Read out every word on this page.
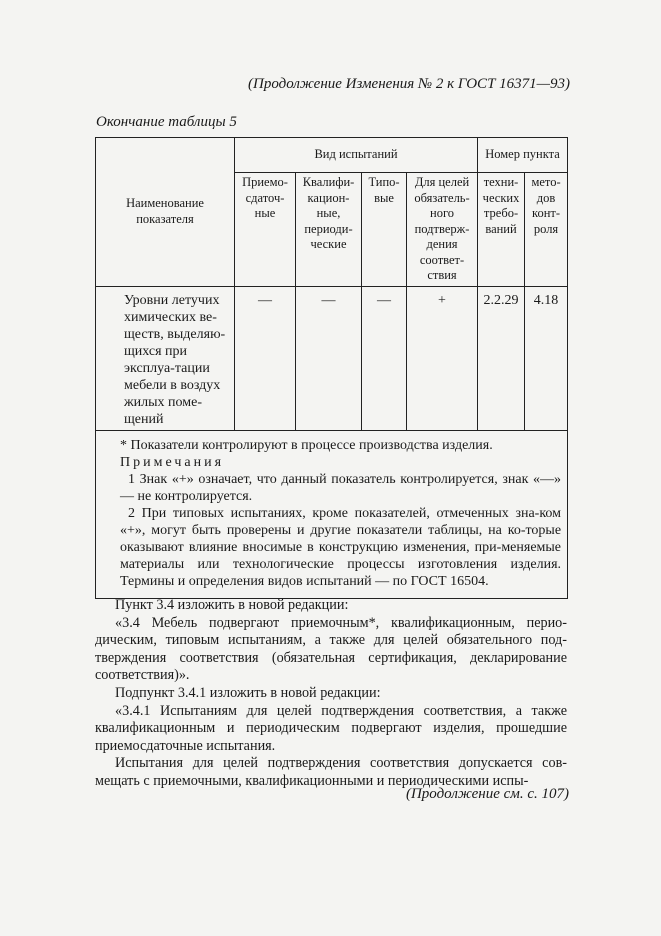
(Продолжение Изменения № 2 к ГОСТ 16371—93)
Окончание таблицы 5
Наименование показателя	Вид испытаний				Номер пункта	
	Приемо-сдаточ-ные	Квалифи-кацион-ные, периоди-ческие	Типо-вые	Для целей обязатель-ного подтверж-дения соответ-ствия	техни-ческих требо-ваний	мето-дов конт-роля
Уровни летучих химических ве-ществ, выделяю-щихся при эксплуа-тации мебели в воздух жилых поме-щений	—	—	—	+	2.2.29	4.18

* Показатели контролируют в процессе производства изделия.

Примечания

1 Знак «+» означает, что данный показатель контролируется, знак «—» — не контролируется.

2 При типовых испытаниях, кроме показателей, отмеченных зна-ком «+», могут быть проверены и другие показатели таблицы, на ко-торые оказывают влияние вносимые в конструкцию изменения, при-меняемые материалы или технологические процессы изготовления изделия. Термины и определения видов испытаний — по ГОСТ 16504.						

Пункт 3.4 изложить в новой редакции:

«3.4 Мебель подвергают приемочным*, квалификационным, перио-дическим, типовым испытаниям, а также для целей обязательного под-тверждения соответствия (обязательная сертификация, декларирование соответствия)».

Подпункт 3.4.1 изложить в новой редакции:

«3.4.1 Испытаниям для целей подтверждения соответствия, а также квалификационным и периодическим подвергают изделия, прошедшие приемосдаточные испытания.

Испытания для целей подтверждения соответствия допускается сов-мещать с приемочными, квалификационными и периодическими испы-

(Продолжение см. с. 107)
